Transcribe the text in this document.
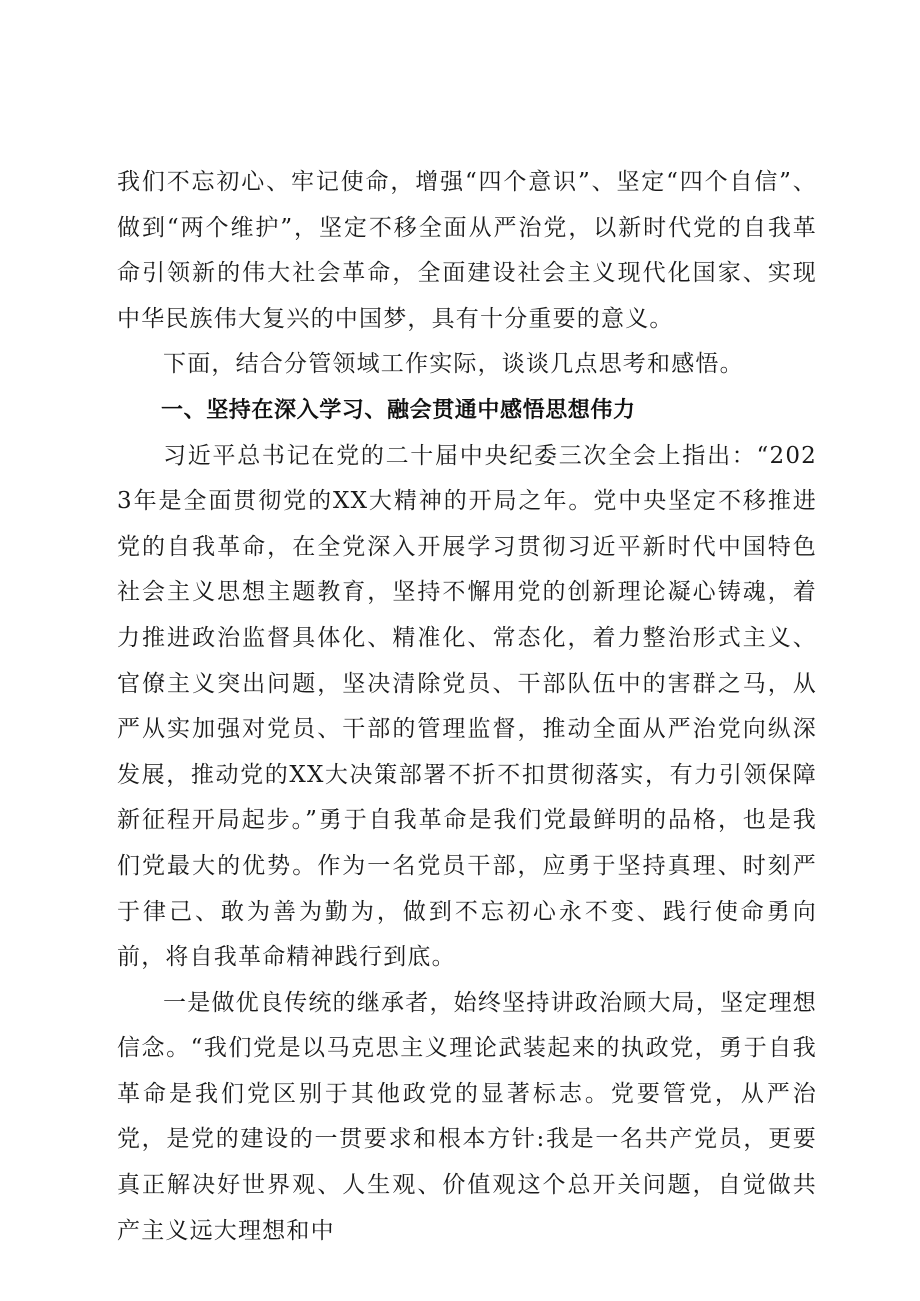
我们不忘初心、牢记使命，增强“四个意识”、坚定“四个自信”、做到“两个维护”，坚定不移全面从严治党，以新时代党的自我革命引领新的伟大社会革命，全面建设社会主义现代化国家、实现中华民族伟大复兴的中国梦，具有十分重要的意义。

下面，结合分管领域工作实际，谈谈几点思考和感悟。

一、坚持在深入学习、融会贯通中感悟思想伟力

习近平总书记在党的二十届中央纪委三次全会上指出：“2023年是全面贯彻党的XX大精神的开局之年。党中央坚定不移推进党的自我革命，在全党深入开展学习贯彻习近平新时代中国特色社会主义思想主题教育，坚持不懈用党的创新理论凝心铸魂，着力推进政治监督具体化、精准化、常态化，着力整治形式主义、官僚主义突出问题，坚决清除党员、干部队伍中的害群之马，从严从实加强对党员、干部的管理监督，推动全面从严治党向纵深发展，推动党的XX大决策部署不折不扣贯彻落实，有力引领保障新征程开局起步。”勇于自我革命是我们党最鲜明的品格，也是我们党最大的优势。作为一名党员干部，应勇于坚持真理、时刻严于律己、敢为善为勤为，做到不忘初心永不变、践行使命勇向前，将自我革命精神践行到底。

一是做优良传统的继承者，始终坚持讲政治顾大局，坚定理想信念。“我们党是以马克思主义理论武装起来的执政党，勇于自我革命是我们党区别于其他政党的显著标志。党要管党，从严治党，是党的建设的一贯要求和根本方针:我是一名共产党员，更要真正解决好世界观、人生观、价值观这个总开关问题，自觉做共产主义远大理想和中
